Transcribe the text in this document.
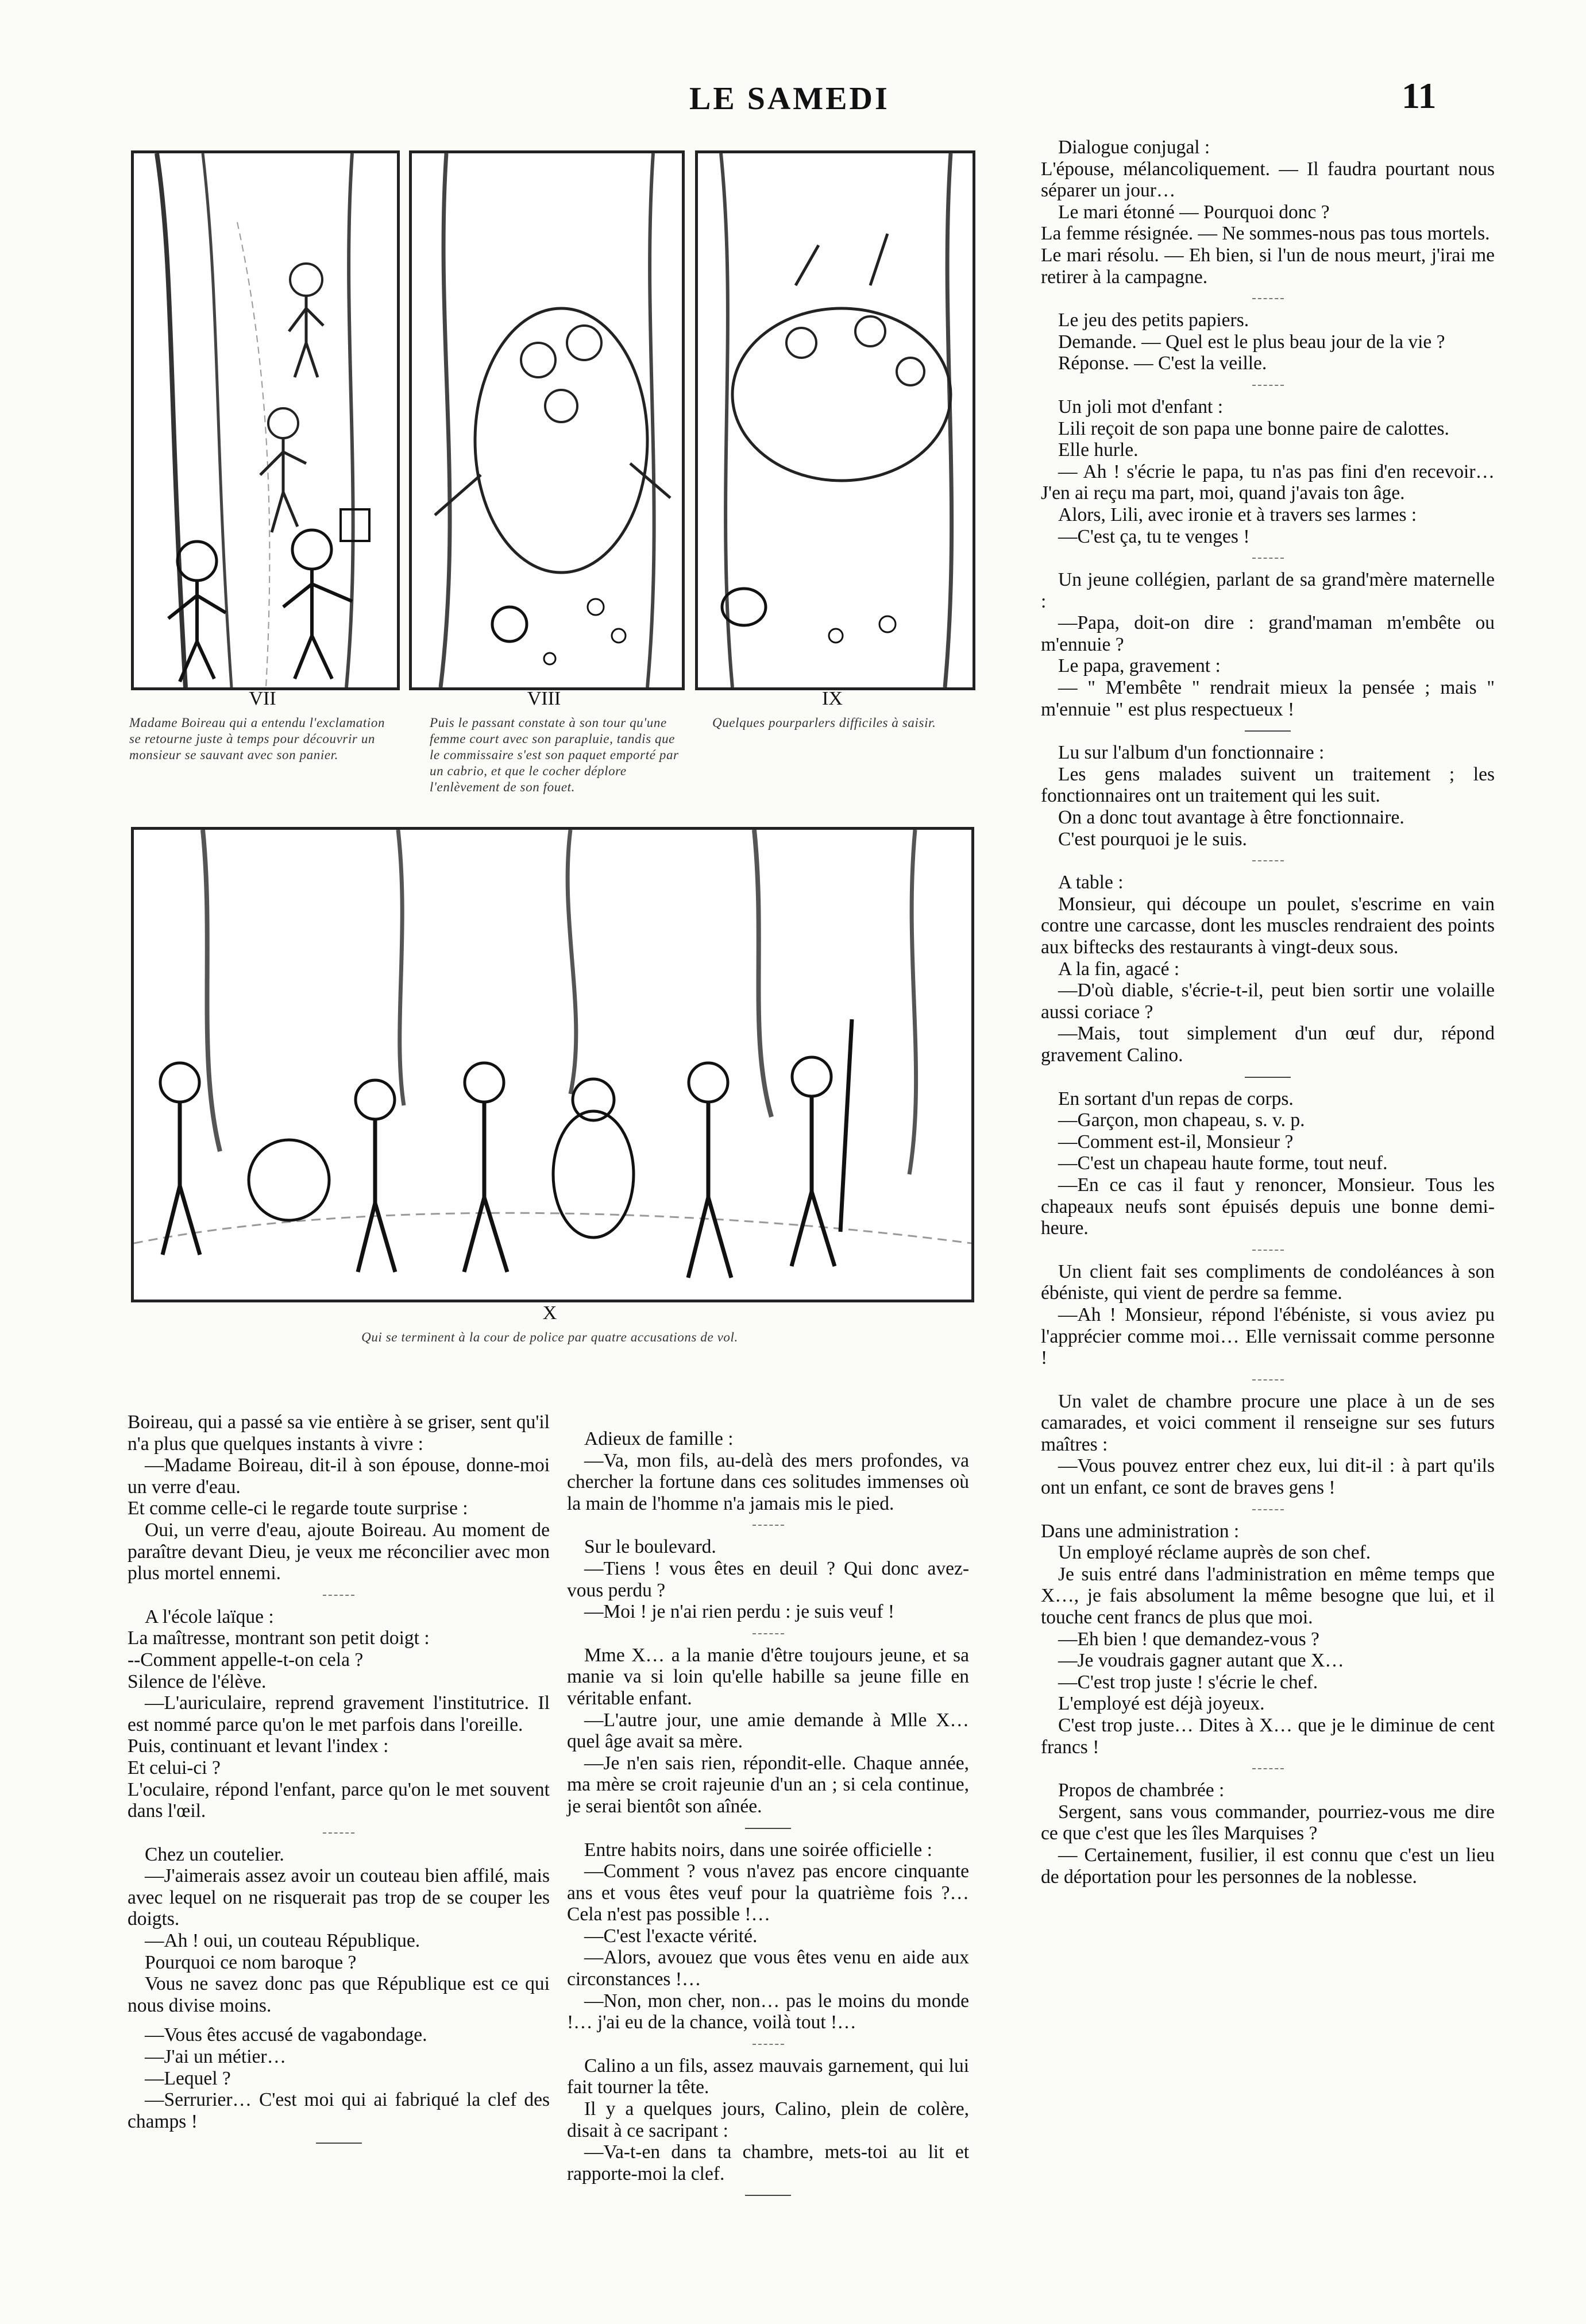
LE SAMEDI	11
VII
Madame Boireau qui a entendu l'exclamation se retourne juste à temps pour découvrir un monsieur se sauvant avec son panier.
VIII
Puis le passant constate à son tour qu'une femme court avec son parapluie, tandis que le commissaire s'est son paquet emporté par un cabrio, et que le cocher déplore l'enlèvement de son fouet.
IX
Quelques pourparlers difficiles à saisir.
X
Qui se terminent à la cour de police par quatre accusations de vol.

Boireau, qui a passé sa vie entière à se griser, sent qu'il n'a plus que quelques instants à vivre :

—Madame Boireau, dit-il à son épouse, donne-moi un verre d'eau.

Et comme celle-ci le regarde toute surprise :

Oui, un verre d'eau, ajoute Boireau. Au moment de paraître devant Dieu, je veux me réconcilier avec mon plus mortel ennemi.

A l'école laïque :

La maîtresse, montrant son petit doigt :

--Comment appelle-t-on cela ?

Silence de l'élève.

—L'auriculaire, reprend gravement l'institutrice. Il est nommé parce qu'on le met parfois dans l'oreille.

Puis, continuant et levant l'index :

Et celui-ci ?

L'oculaire, répond l'enfant, parce qu'on le met souvent dans l'œil.

Chez un coutelier.

—J'aimerais assez avoir un couteau bien affilé, mais avec lequel on ne risquerait pas trop de se couper les doigts.

—Ah ! oui, un couteau République.

Pourquoi ce nom baroque ?

Vous ne savez donc pas que République est ce qui nous divise moins.

—Vous êtes accusé de vagabondage.

—J'ai un métier…

—Lequel ?

—Serrurier… C'est moi qui ai fabriqué la clef des champs !

Adieux de famille :

—Va, mon fils, au-delà des mers profondes, va chercher la fortune dans ces solitudes immenses où la main de l'homme n'a jamais mis le pied.

Sur le boulevard.

—Tiens ! vous êtes en deuil ? Qui donc avez-vous perdu ?

—Moi ! je n'ai rien perdu : je suis veuf !

Mme X… a la manie d'être toujours jeune, et sa manie va si loin qu'elle habille sa jeune fille en véritable enfant.

—L'autre jour, une amie demande à Mlle X… quel âge avait sa mère.

—Je n'en sais rien, répondit-elle. Chaque année, ma mère se croit rajeunie d'un an ; si cela continue, je serai bientôt son aînée.

Entre habits noirs, dans une soirée officielle :

—Comment ? vous n'avez pas encore cinquante ans et vous êtes veuf pour la quatrième fois ?… Cela n'est pas possible !…

—C'est l'exacte vérité.

—Alors, avouez que vous êtes venu en aide aux circonstances !…

—Non, mon cher, non… pas le moins du monde !… j'ai eu de la chance, voilà tout !…

Calino a un fils, assez mauvais garnement, qui lui fait tourner la tête.

Il y a quelques jours, Calino, plein de colère, disait à ce sacripant :

—Va-t-en dans ta chambre, mets-toi au lit et rapporte-moi la clef.

Dialogue conjugal :

L'épouse, mélancoliquement. — Il faudra pourtant nous séparer un jour…

Le mari étonné — Pourquoi donc ?

La femme résignée. — Ne sommes-nous pas tous mortels.

Le mari résolu. — Eh bien, si l'un de nous meurt, j'irai me retirer à la campagne.

Le jeu des petits papiers.

Demande. — Quel est le plus beau jour de la vie ?

Réponse. — C'est la veille.

Un joli mot d'enfant :

Lili reçoit de son papa une bonne paire de calottes.

Elle hurle.

— Ah ! s'écrie le papa, tu n'as pas fini d'en recevoir… J'en ai reçu ma part, moi, quand j'avais ton âge.

Alors, Lili, avec ironie et à travers ses larmes :

—C'est ça, tu te venges !

Un jeune collégien, parlant de sa grand'mère maternelle :

—Papa, doit-on dire : grand'maman m'embête ou m'ennuie ?

Le papa, gravement :

— " M'embête " rendrait mieux la pensée ; mais " m'ennuie " est plus respectueux !

Lu sur l'album d'un fonctionnaire :

Les gens malades suivent un traitement ; les fonctionnaires ont un traitement qui les suit.

On a donc tout avantage à être fonctionnaire.

C'est pourquoi je le suis.

A table :

Monsieur, qui découpe un poulet, s'escrime en vain contre une carcasse, dont les muscles rendraient des points aux biftecks des restaurants à vingt-deux sous.

A la fin, agacé :

—D'où diable, s'écrie-t-il, peut bien sortir une volaille aussi coriace ?

—Mais, tout simplement d'un œuf dur, répond gravement Calino.

En sortant d'un repas de corps.

—Garçon, mon chapeau, s. v. p.

—Comment est-il, Monsieur ?

—C'est un chapeau haute forme, tout neuf.

—En ce cas il faut y renoncer, Monsieur. Tous les chapeaux neufs sont épuisés depuis une bonne demi-heure.

Un client fait ses compliments de condoléances à son ébéniste, qui vient de perdre sa femme.

—Ah ! Monsieur, répond l'ébéniste, si vous aviez pu l'apprécier comme moi… Elle vernissait comme personne !

Un valet de chambre procure une place à un de ses camarades, et voici comment il renseigne sur ses futurs maîtres :

—Vous pouvez entrer chez eux, lui dit-il : à part qu'ils ont un enfant, ce sont de braves gens !

Dans une administration :

Un employé réclame auprès de son chef.

Je suis entré dans l'administration en même temps que X…, je fais absolument la même besogne que lui, et il touche cent francs de plus que moi.

—Eh bien ! que demandez-vous ?

—Je voudrais gagner autant que X…

—C'est trop juste ! s'écrie le chef.

L'employé est déjà joyeux.

C'est trop juste… Dites à X… que je le diminue de cent francs !

Propos de chambrée :

Sergent, sans vous commander, pourriez-vous me dire ce que c'est que les îles Marquises ?

— Certainement, fusilier, il est connu que c'est un lieu de déportation pour les personnes de la noblesse.
